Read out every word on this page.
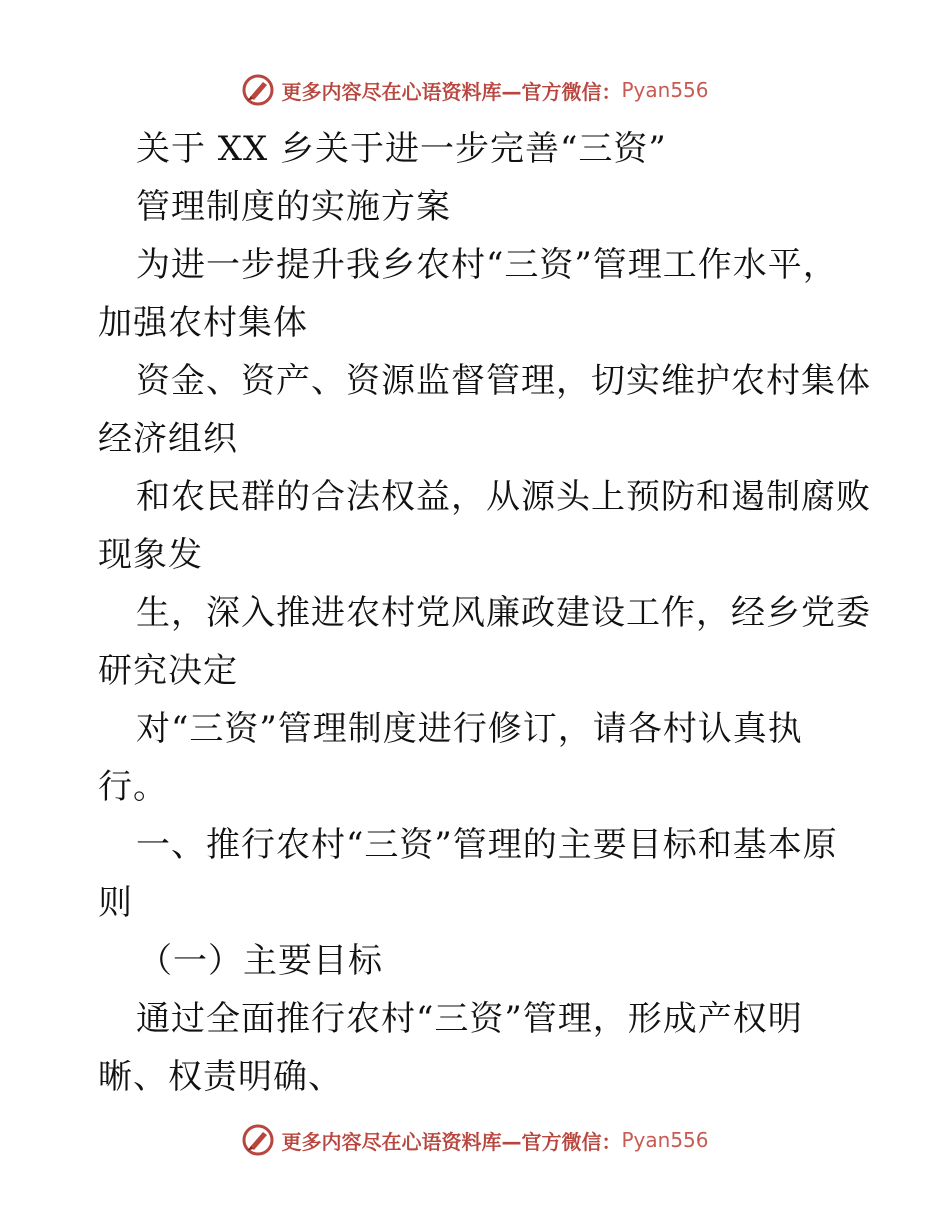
更多内容尽在心语资料库—官方微信： Pyan556
关于 XX 乡关于进一步完善“三资”
管理制度的实施方案
为进一步提升我乡农村“三资”管理工作水平，
加强农村集体
资金、资产、资源监督管理，切实维护农村集体
经济组织
和农民群的合法权益，从源头上预防和遏制腐败
现象发
生，深入推进农村党风廉政建设工作，经乡党委
研究决定
对“三资”管理制度进行修订，请各村认真执
行。
一、推行农村“三资”管理的主要目标和基本原
则
（一）主要目标
通过全面推行农村“三资”管理，形成产权明
晰、权责明确、
更多内容尽在心语资料库—官方微信： Pyan556
